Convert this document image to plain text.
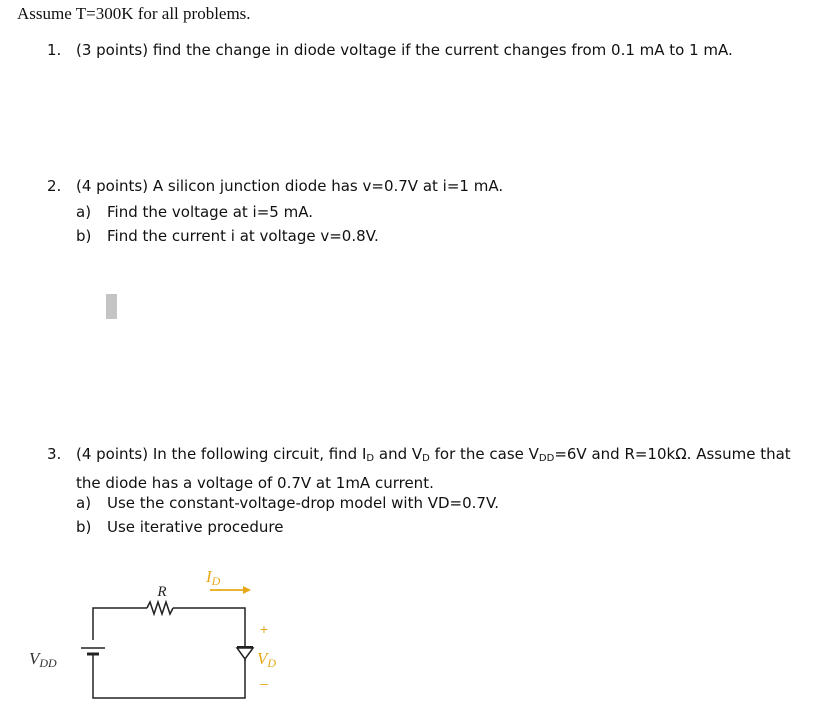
Assume T=300K for all problems.
1. (3 points) find the change in diode voltage if the current changes from 0.1 mA to 1 mA.
2. (4 points) A silicon junction diode has v=0.7V at i=1 mA.
a) Find the voltage at i=5 mA.
b) Find the current i at voltage v=0.8V.
3. (4 points) In the following circuit, find $I_D$ and $V_D$ for the case $V_{DD}=6V$ and R=10kΩ. Assume that
the diode has a voltage of 0.7V at 1mA current.
a) Use the constant-voltage-drop model with VD=0.7V.
b) Use iterative procedure
R
ID
VDD
+
–
VD
